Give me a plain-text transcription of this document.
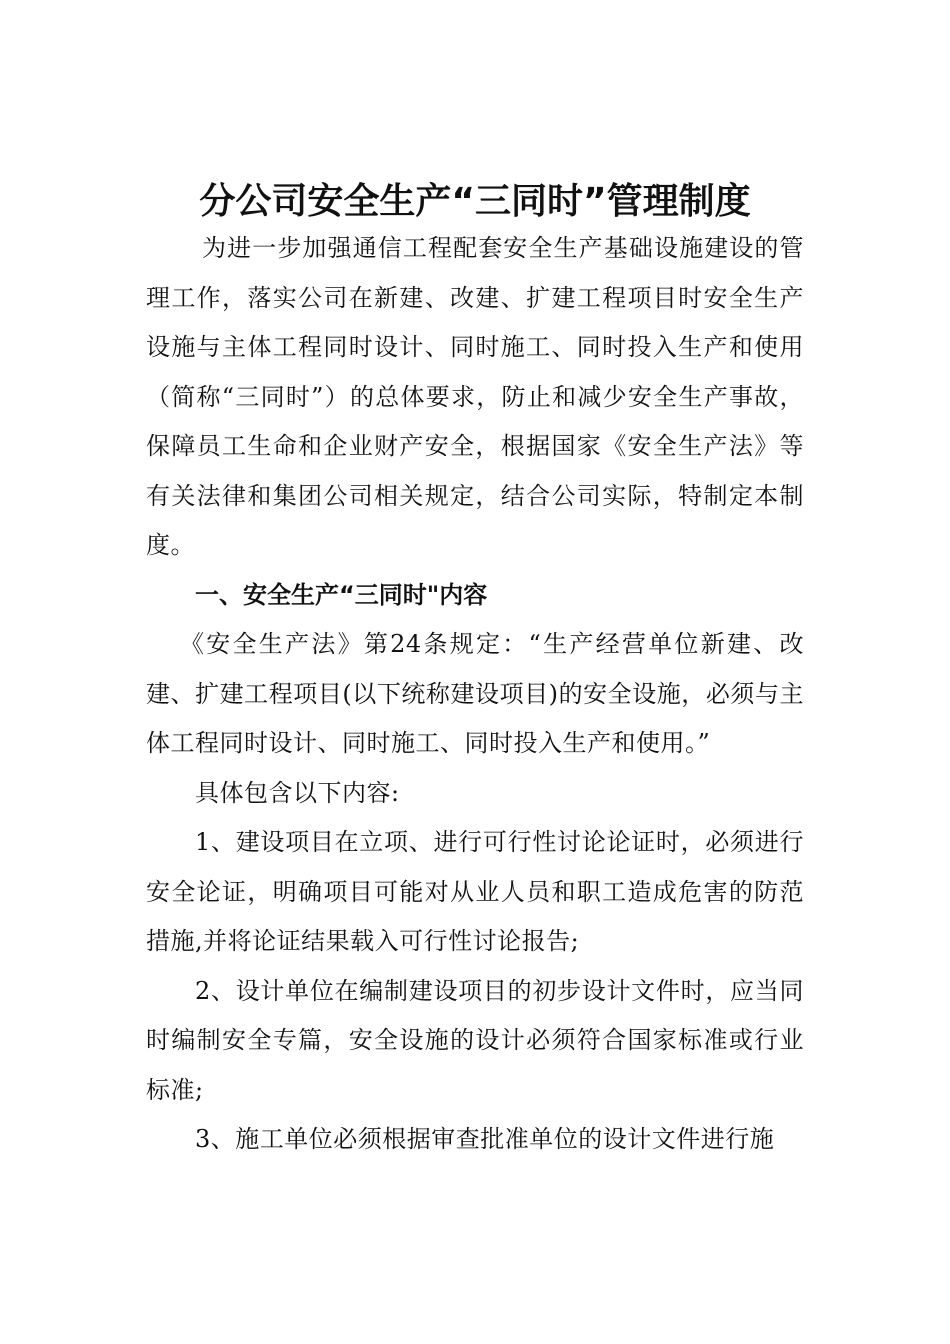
分公司安全生产“三同时”管理制度

为进一步加强通信工程配套安全生产基础设施建设的管理工作，落实公司在新建、改建、扩建工程项目时安全生产设施与主体工程同时设计、同时施工、同时投入生产和使用（简称“三同时”）的总体要求，防止和减少安全生产事故，保障员工生命和企业财产安全，根据国家《安全生产法》等有关法律和集团公司相关规定，结合公司实际，特制定本制度。

一、安全生产“三同时"内容

《安全生产法》第24条规定：“生产经营单位新建、改建、扩建工程项目(以下统称建设项目)的安全设施，必须与主体工程同时设计、同时施工、同时投入生产和使用。”

具体包含以下内容:

1、建设项目在立项、进行可行性讨论论证时，必须进行安全论证，明确项目可能对从业人员和职工造成危害的防范措施,并将论证结果载入可行性讨论报告;

2、设计单位在编制建设项目的初步设计文件时，应当同时编制安全专篇，安全设施的设计必须符合国家标准或行业标准;

3、施工单位必须根据审查批准单位的设计文件进行施
